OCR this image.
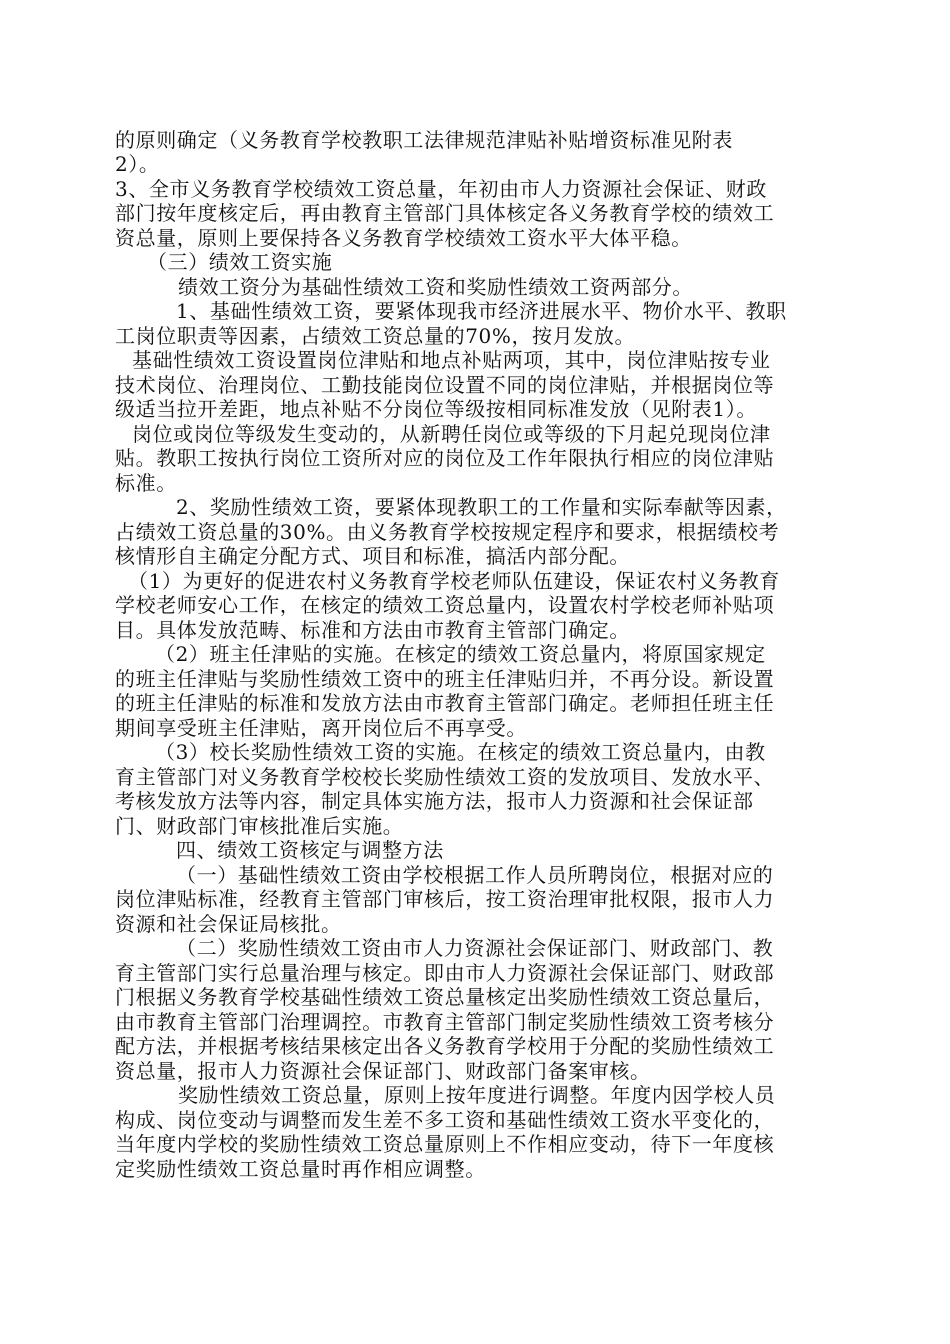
的原则确定（义务教育学校教职工法律规范津贴补贴增资标准见附表
2）。
3、全市义务教育学校绩效工资总量，年初由市人力资源社会保证、财政
部门按年度核定后，再由教育主管部门具体核定各义务教育学校的绩效工
资总量，原则上要保持各义务教育学校绩效工资水平大体平稳。
（三）绩效工资实施
绩效工资分为基础性绩效工资和奖励性绩效工资两部分。
1、基础性绩效工资，要紧体现我市经济进展水平、物价水平、教职
工岗位职责等因素，占绩效工资总量的70%，按月发放。
基础性绩效工资设置岗位津贴和地点补贴两项，其中，岗位津贴按专业
技术岗位、治理岗位、工勤技能岗位设置不同的岗位津贴，并根据岗位等
级适当拉开差距，地点补贴不分岗位等级按相同标准发放（见附表1）。
岗位或岗位等级发生变动的，从新聘任岗位或等级的下月起兑现岗位津
贴。教职工按执行岗位工资所对应的岗位及工作年限执行相应的岗位津贴
标准。
2、奖励性绩效工资，要紧体现教职工的工作量和实际奉献等因素，
占绩效工资总量的30%。由义务教育学校按规定程序和要求，根据绩校考
核情形自主确定分配方式、项目和标准，搞活内部分配。
（1）为更好的促进农村义务教育学校老师队伍建设，保证农村义务教育
学校老师安心工作，在核定的绩效工资总量内，设置农村学校老师补贴项
目。具体发放范畴、标准和方法由市教育主管部门确定。
（2）班主任津贴的实施。在核定的绩效工资总量内，将原国家规定
的班主任津贴与奖励性绩效工资中的班主任津贴归并，不再分设。新设置
的班主任津贴的标准和发放方法由市教育主管部门确定。老师担任班主任
期间享受班主任津贴，离开岗位后不再享受。
（3）校长奖励性绩效工资的实施。在核定的绩效工资总量内，由教
育主管部门对义务教育学校校长奖励性绩效工资的发放项目、发放水平、
考核发放方法等内容，制定具体实施方法，报市人力资源和社会保证部
门、财政部门审核批准后实施。
四、绩效工资核定与调整方法
（一）基础性绩效工资由学校根据工作人员所聘岗位，根据对应的
岗位津贴标准，经教育主管部门审核后，按工资治理审批权限，报市人力
资源和社会保证局核批。
（二）奖励性绩效工资由市人力资源社会保证部门、财政部门、教
育主管部门实行总量治理与核定。即由市人力资源社会保证部门、财政部
门根据义务教育学校基础性绩效工资总量核定出奖励性绩效工资总量后，
由市教育主管部门治理调控。市教育主管部门制定奖励性绩效工资考核分
配方法，并根据考核结果核定出各义务教育学校用于分配的奖励性绩效工
资总量，报市人力资源社会保证部门、财政部门备案审核。
奖励性绩效工资总量，原则上按年度进行调整。年度内因学校人员
构成、岗位变动与调整而发生差不多工资和基础性绩效工资水平变化的，
当年度内学校的奖励性绩效工资总量原则上不作相应变动，待下一年度核
定奖励性绩效工资总量时再作相应调整。
